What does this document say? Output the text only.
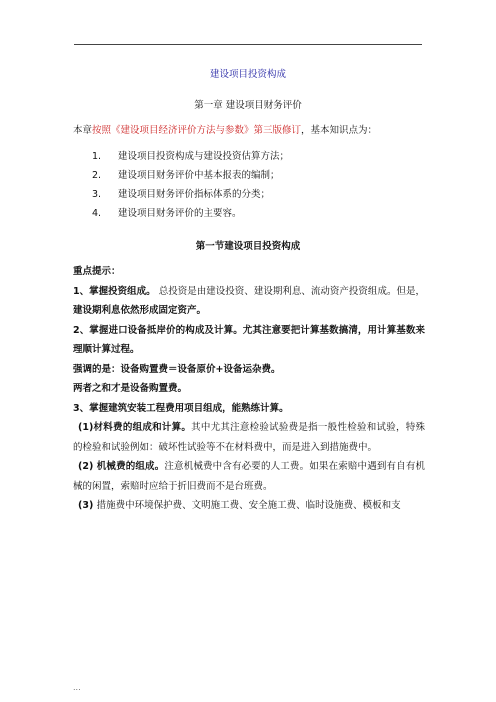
建设项目投资构成
第一章 建设项目财务评价
本章按照《建设项目经济评价方法与参数》第三版修订，基本知识点为：
1. 建设项目投资构成与建设投资估算方法；
2. 建设项目财务评价中基本报表的编制；
3. 建设项目财务评价指标体系的分类；
4. 建设项目财务评价的主要容。
第一节建设项目投资构成

重点提示：

1、掌握投资组成。 总投资是由建设投资、建设期利息、流动资产投资组成。但是，建设期利息依然形成固定资产。

2、掌握进口设备抵岸价的构成及计算。尤其注意要把计算基数搞清，用计算基数来理顺计算过程。

强调的是：设备购置费＝设备原价+设备运杂费。

两者之和才是设备购置费。

3、掌握建筑安装工程费用项目组成，能熟练计算。

(1)材料费的组成和计算。其中尤其注意检验试验费是指一般性检验和试验，特殊的检验和试验例如：破坏性试验等不在材料费中，而是进入到措施费中。

(2) 机械费的组成。注意机械费中含有必要的人工费。如果在索赔中遇到有自有机械的闲置，索赔时应给于折旧费而不是台班费。

(3) 措施费中环境保护费、文明施工费、安全施工费、临时设施费、模板和支

...
